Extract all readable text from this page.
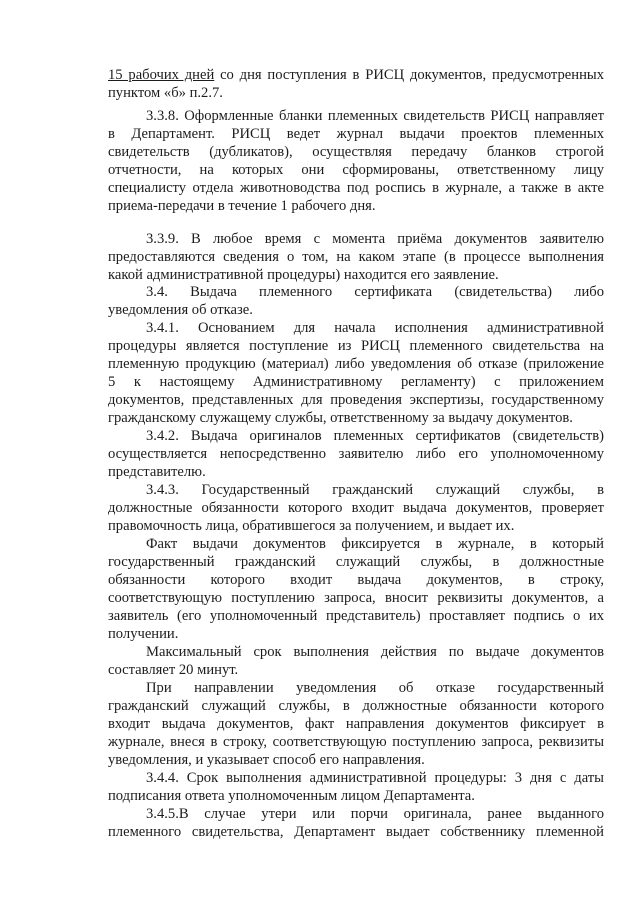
15 рабочих дней со дня поступления в РИСЦ документов, предусмотренных
пунктом «б» п.2.7.
3.3.8. Оформленные бланки племенных свидетельств РИСЦ направляет
в Департамент. РИСЦ ведет журнал выдачи проектов племенных
свидетельств (дубликатов), осуществляя передачу бланков строгой
отчетности, на которых они сформированы, ответственному лицу
специалисту отдела животноводства под роспись в журнале, а также в акте
приема-передачи в течение 1 рабочего дня.
3.3.9. В любое время с момента приёма документов заявителю
предоставляются сведения о том, на каком этапе (в процессе выполнения
какой административной процедуры) находится его заявление.
3.4. Выдача племенного сертификата (свидетельства) либо
уведомления об отказе.
3.4.1. Основанием для начала исполнения административной
процедуры является поступление из РИСЦ племенного свидетельства на
племенную продукцию (материал) либо уведомления об отказе (приложение
5 к настоящему Административному регламенту) с приложением
документов, представленных для проведения экспертизы, государственному
гражданскому служащему службы, ответственному за выдачу документов.
3.4.2. Выдача оригиналов племенных сертификатов (свидетельств)
осуществляется непосредственно заявителю либо его уполномоченному
представителю.
3.4.3. Государственный гражданский служащий службы, в
должностные обязанности которого входит выдача документов, проверяет
правомочность лица, обратившегося за получением, и выдает их.
Факт выдачи документов фиксируется в журнале, в который
государственный гражданский служащий службы, в должностные
обязанности которого входит выдача документов, в строку,
соответствующую поступлению запроса, вносит реквизиты документов, а
заявитель (его уполномоченный представитель) проставляет подпись о их
получении.
Максимальный срок выполнения действия по выдаче документов
составляет 20 минут.
При направлении уведомления об отказе государственный
гражданский служащий службы, в должностные обязанности которого
входит выдача документов, факт направления документов фиксирует в
журнале, внеся в строку, соответствующую поступлению запроса, реквизиты
уведомления, и указывает способ его направления.
3.4.4. Срок выполнения административной процедуры: 3 дня с даты
подписания ответа уполномоченным лицом Департамента.
3.4.5.В случае утери или порчи оригинала, ранее выданного
племенного свидетельства, Департамент выдает собственнику племенной
